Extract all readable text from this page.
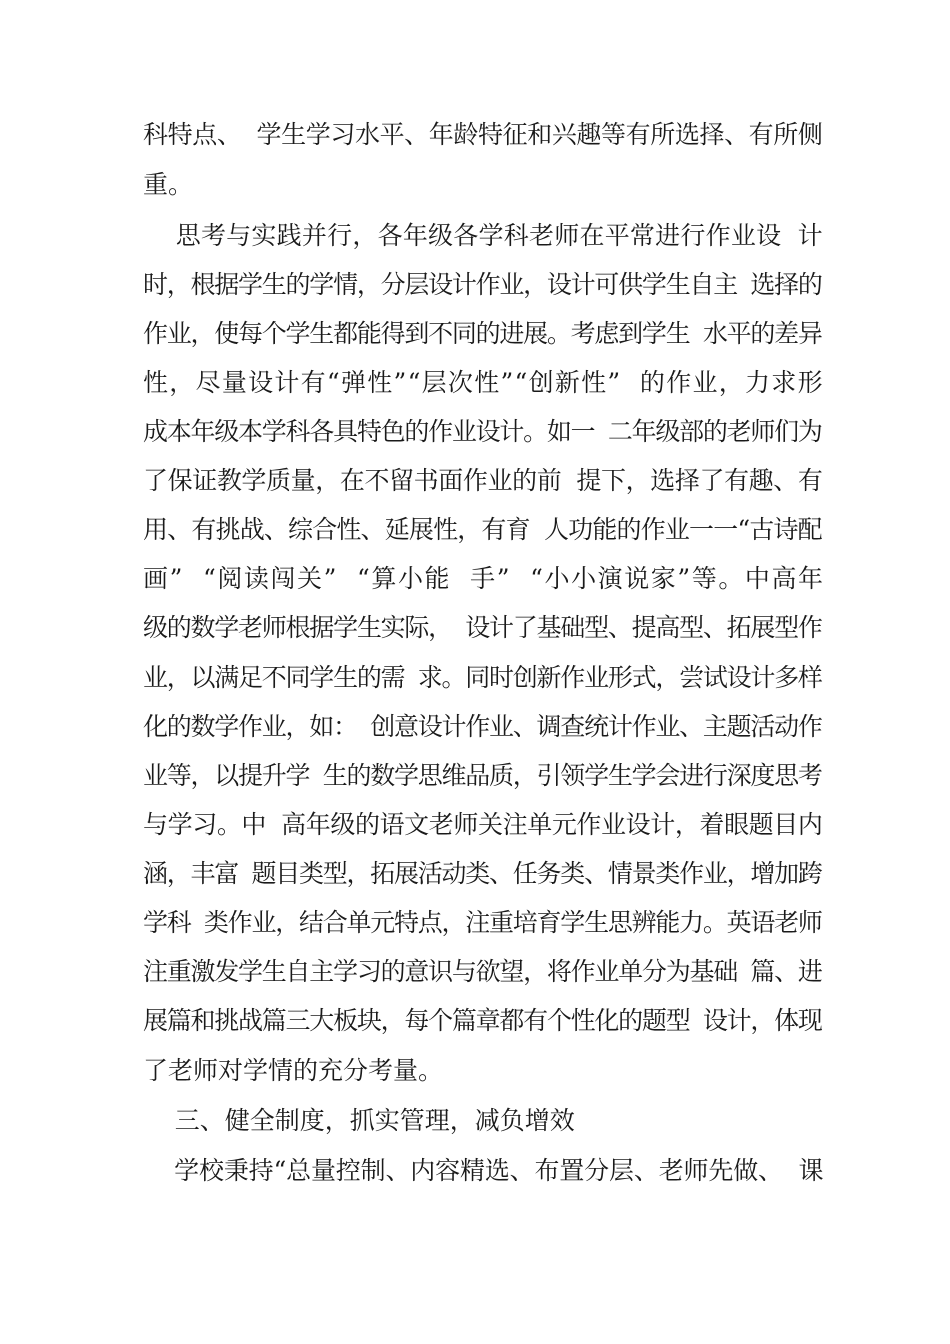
科特点、  学生学习水平、年龄特征和兴趣等有所选择、有所侧
重。
思考与实践并行，各年级各学科老师在平常进行作业设  计
时，根据学生的学情，分层设计作业，设计可供学生自主  选择的
作业，使每个学生都能得到不同的进展。考虑到学生  水平的差异
性，尽量设计有“弹性”“层次性”“创新性”  的作业，力求形
成本年级本学科各具特色的作业设计。如一  二年级部的老师们为
了保证教学质量，在不留书面作业的前  提下，选择了有趣、有
用、有挑战、综合性、延展性，有育  人功能的作业一一“古诗配
画”  “阅读闯关”  “算小能  手”  “小小演说家”等。中高年
级的数学老师根据学生实际，  设计了基础型、提高型、拓展型作
业，以满足不同学生的需  求。同时创新作业形式，尝试设计多样
化的数学作业，如：  创意设计作业、调查统计作业、主题活动作
业等，以提升学  生的数学思维品质，引领学生学会进行深度思考
与学习。中  高年级的语文老师关注单元作业设计，着眼题目内
涵，丰富  题目类型，拓展活动类、任务类、情景类作业，增加跨
学科  类作业，结合单元特点，注重培育学生思辨能力。英语老师
注重激发学生自主学习的意识与欲望，将作业单分为基础  篇、进
展篇和挑战篇三大板块，每个篇章都有个性化的题型  设计，体现
了老师对学情的充分考量。
三、健全制度，抓实管理，减负增效
学校秉持“总量控制、内容精选、布置分层、老师先做、  课
